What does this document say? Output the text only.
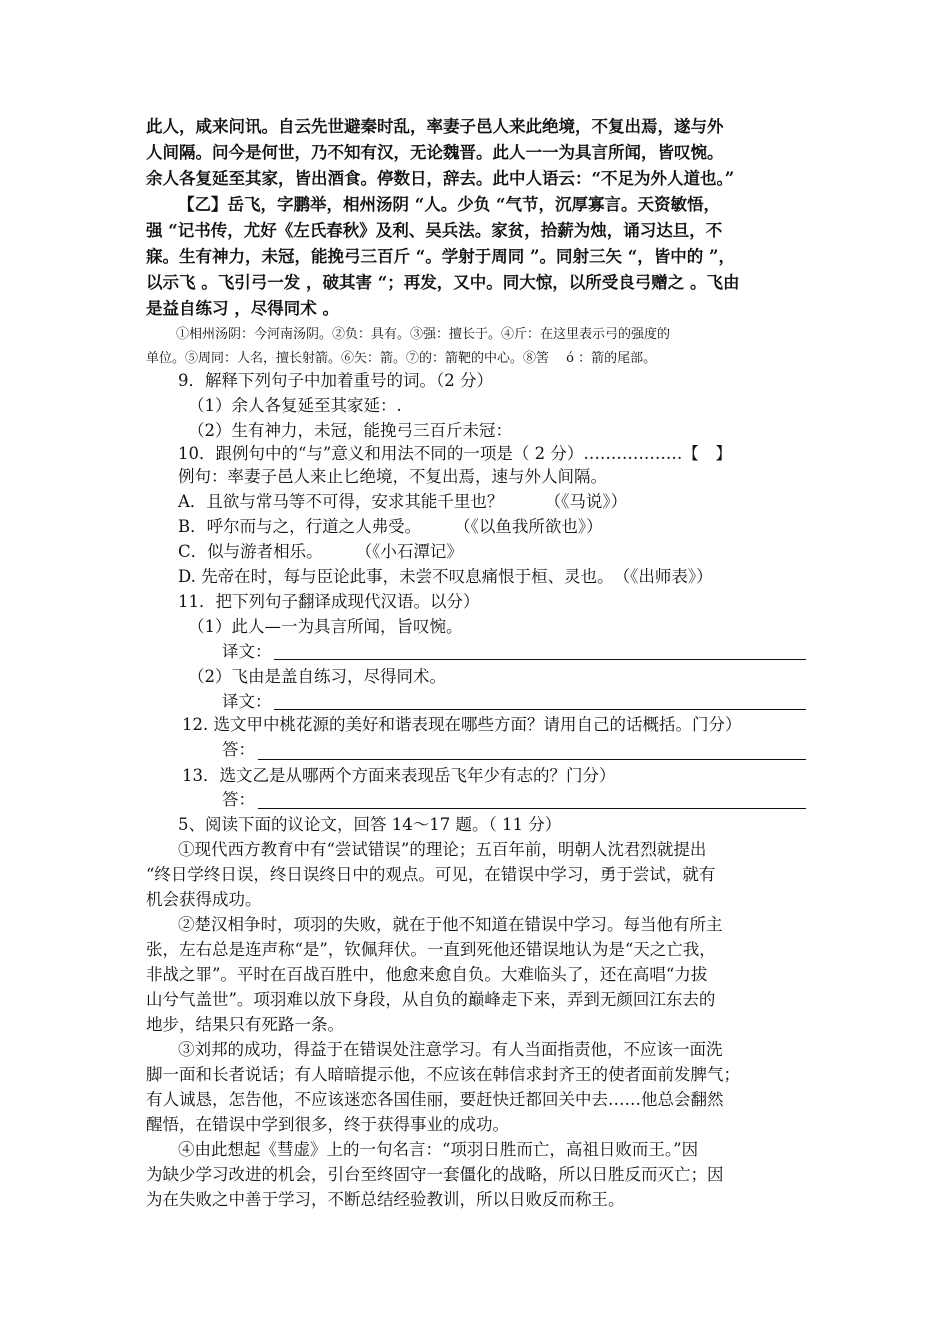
此人，咸来问讯。自云先世避秦时乱，率妻子邑人来此绝境，不复出焉，遂与外
人间隔。问今是何世，乃不知有汉，无论魏晋。此人一一为具言所闻，皆叹惋。
余人各复延至其家，皆出酒食。停数日，辞去。此中人语云：“不足为外人道也。”
【乙】岳飞，字鹏举，相州汤阴 “人。少负 “气节，沉厚寡言。天资敏悟，
强 “记书传，尤好《左氏春秋》及利、吴兵法。家贫，拾薪为烛，诵习达旦，不
寐。生有神力，未冠，能挽弓三百斤 “。学射于周同 ”。同射三矢 “，皆中的 ”，
以示飞 。飞引弓一发 ，破其害 “；再发，又中。同大惊，以所受良弓赠之 。飞由
是益自练习 ，尽得同术 。
①相州汤阴：今河南汤阴。②负：具有。③强：擅长于。④斤：在这里表示弓的强度的
单位。⑤周同：人名，擅长射箭。⑥矢：箭。⑦的：箭靶的中心。⑧筈　 ó ：箭的尾部。
9．解释下列句子中加着重号的词。（2 分）
（1）余人各复延至其家延：.
（2）生有神力，未冠，能挽弓三百斤未冠：
10．跟例句中的“与”意义和用法不同的一项是（ 2 分）………………【　】
例句：率妻子邑人来止匕绝境，不复出焉，速与外人间隔。
A．且欲与常马等不可得，安求其能千里也？　　　（《马说》）
B．呼尔而与之，行道之人弗受。　　　（《以鱼我所欲也》）
C．似与游者相乐。　　　（《小石潭记》
D. 先帝在时，每与臣论此事，未尝不叹息痛恨于桓、灵也。　（《出师表》）
11．把下列句子翻译成现代汉语。以分）
（1）此人—一为具言所闻，旨叹惋。
译文：
（2）飞由是盖自练习，尽得同术。
译文：
12. 选文甲中桃花源的美好和谐表现在哪些方面？请用自己的话概括。门分）
答：
13．选文乙是从哪两个方面来表现岳飞年少有志的？门分）
答：
5、阅读下面的议论文，回答 14～17 题。（ 11 分）
①现代西方教育中有“尝试错误”的理论；五百年前，明朝人沈君烈就提出
“终日学终日误，终日误终日中的观点。可见，在错误中学习，勇于尝试，就有
机会获得成功。
②楚汉相争时，项羽的失败，就在于他不知道在错误中学习。每当他有所主
张，左右总是连声称“是”，钦佩拜伏。一直到死他还错误地认为是“天之亡我，
非战之罪”。平时在百战百胜中，他愈来愈自负。大难临头了，还在高唱“力拔
山兮气盖世”。项羽难以放下身段，从自负的巅峰走下来，弄到无颜回江东去的
地步，结果只有死路一条。
③刘邦的成功，得益于在错误处注意学习。有人当面指责他，不应该一面洗
脚一面和长者说话；有人暗暗提示他，不应该在韩信求封齐王的使者面前发脾气；
有人诚恳，怎告他，不应该迷恋各国佳丽，要赶快迁都回关中去……他总会翻然
醒悟，在错误中学到很多，终于获得事业的成功。
④由此想起《彗虚》上的一句名言：“项羽日胜而亡，高祖日败而王。”因
为缺少学习改进的机会，引台至终固守一套僵化的战略，所以日胜反而灭亡；因
为在失败之中善于学习，不断总结经验教训，所以日败反而称王。
